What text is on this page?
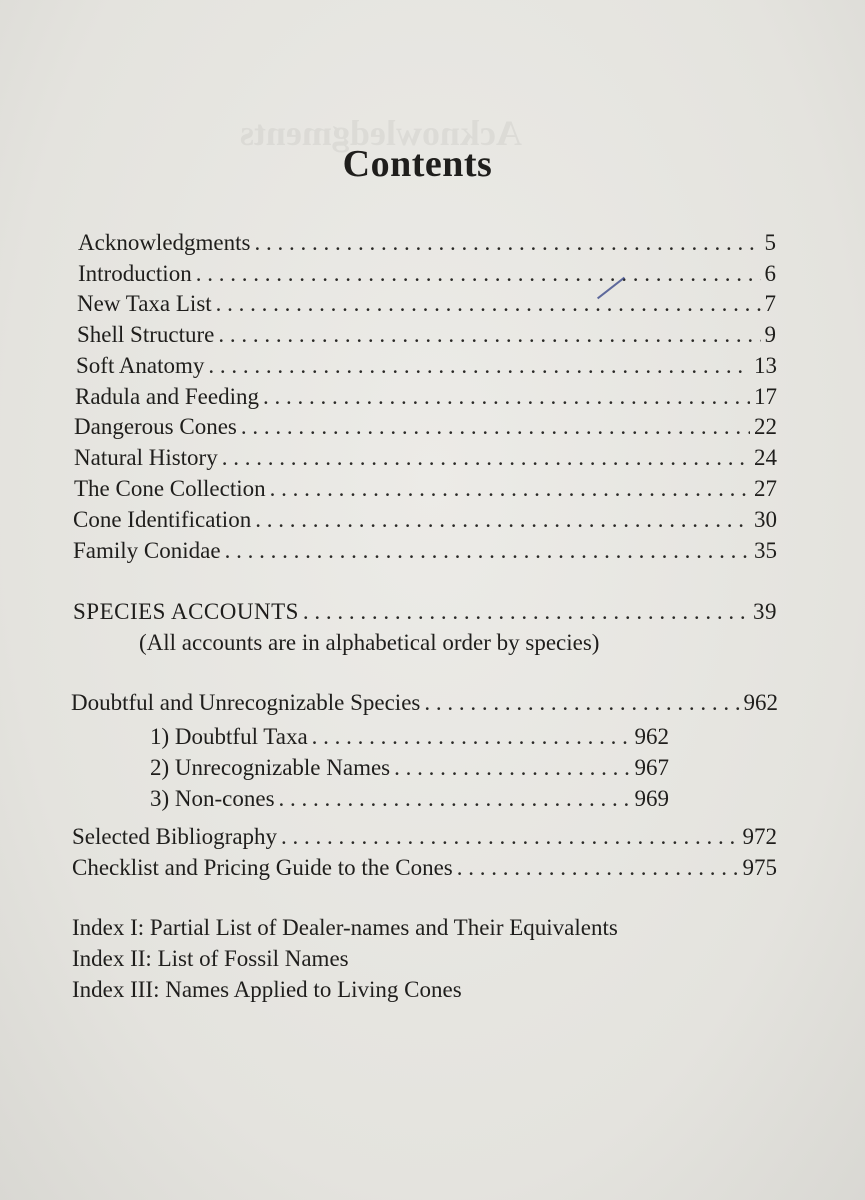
Acknowledgments
Contents
Acknowledgments . . .	5
Introduction . . .	6
New Taxa List . . .	7
Shell Structure . . .	9
Soft Anatomy . . .	13
Radula and Feeding . . .	17
Dangerous Cones . . .	22
Natural History . . .	24
The Cone Collection . . .	27
Cone Identification . . .	30
Family Conidae . . .	35
SPECIES ACCOUNTS . . .	39
(All accounts are in alphabetical order by species)
Doubtful and Unrecognizable Species . . .	962
1) Doubtful Taxa . . .	962
2) Unrecognizable Names . . .	967
3) Non-cones . . .	969
Selected Bibliography . . .	972
Checklist and Pricing Guide to the Cones . . .	975
Index I: Partial List of Dealer-names and Their Equivalents
Index II: List of Fossil Names
Index III: Names Applied to Living Cones
